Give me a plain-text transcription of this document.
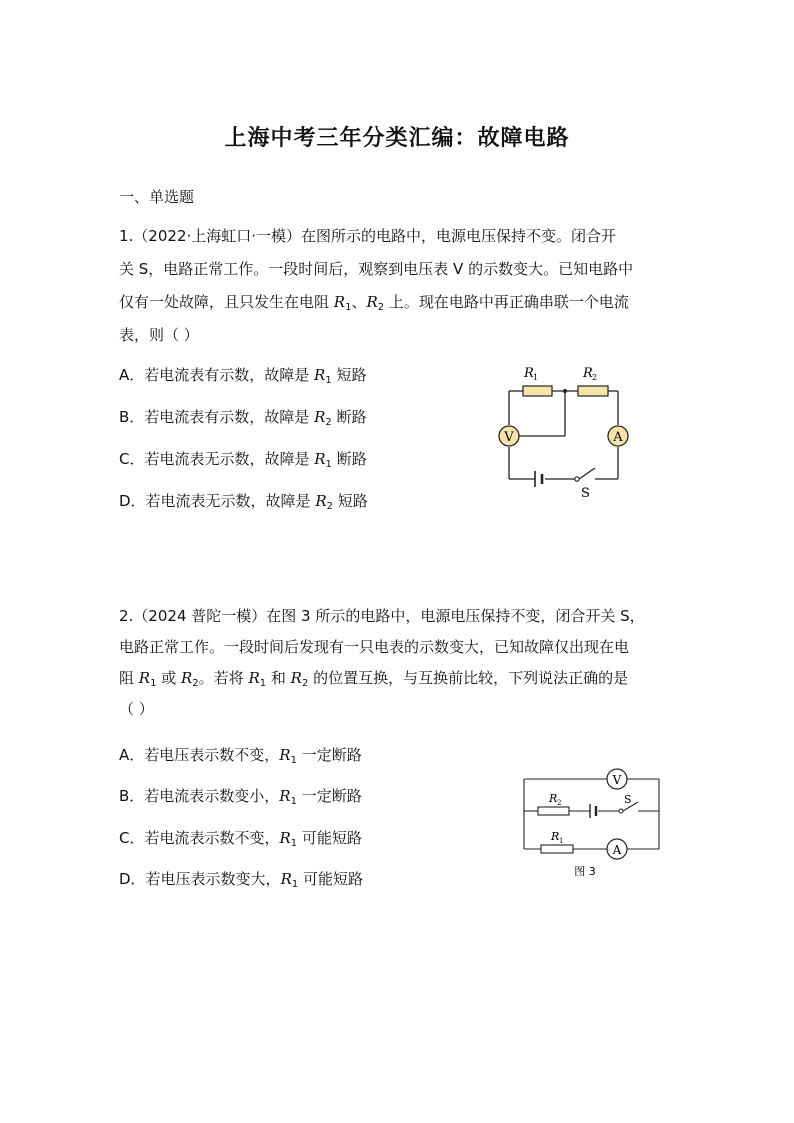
上海中考三年分类汇编：故障电路
一、单选题
1.（2022·上海虹口·一模）在图所示的电路中，电源电压保持不变。闭合开
关 S，电路正常工作。一段时间后，观察到电压表 V 的示数变大。已知电路中
仅有一处故障，且只发生在电阻 $R_1$、$R_2$ 上。现在电路中再正确串联一个电流
表，则（ ）
A．若电流表有示数，故障是 $R_1$ 短路
B．若电流表有示数，故障是 $R_2$ 断路
C．若电流表无示数，故障是 $R_1$ 断路
D．若电流表无示数，故障是 $R_2$ 短路
V	A
R 1	R 2
S
2.（2024 普陀一模）在图 3 所示的电路中，电源电压保持不变，闭合开关 S，
电路正常工作。一段时间后发现有一只电表的示数变大，已知故障仅出现在电
阻 $R_1$ 或 $R_2$。若将 $R_1$ 和 $R_2$ 的位置互换，与互换前比较，下列说法正确的是
（ ）
A．若电压表示数不变，$R_1$ 一定断路
B．若电流表示数变小，$R_1$ 一定断路
C．若电流表示数不变，$R_1$ 可能短路
D．若电压表示数变大，$R_1$ 可能短路
V
A
S
R 2
R 1
图 3
